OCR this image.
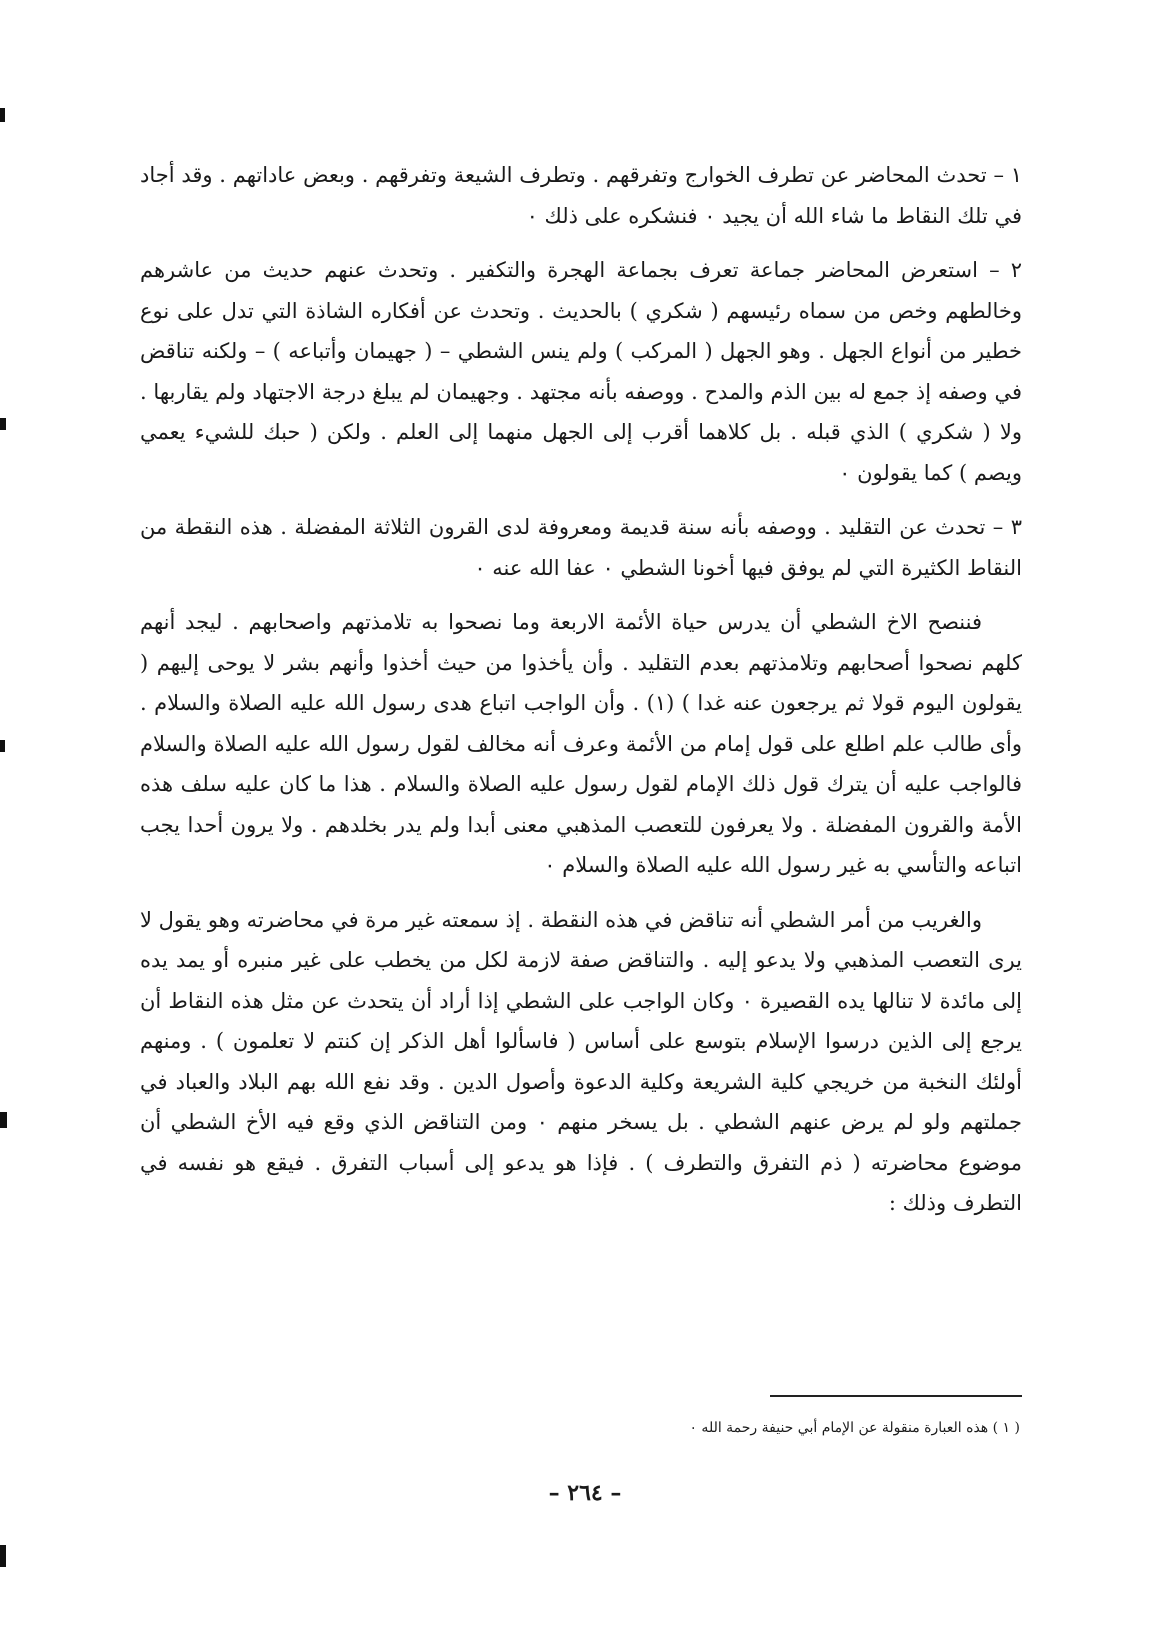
١ – تحدث المحاضر عن تطرف الخوارج وتفرقهم . وتطرف الشيعة وتفرقهم . وبعض عاداتهم . وقد أجاد في تلك النقاط ما شاء الله أن يجيد ٠ فنشكره على ذلك ٠

٢ – استعرض المحاضر جماعة تعرف بجماعة الهجرة والتكفير . وتحدث عنهم حديث من عاشرهم وخالطهم وخص من سماه رئيسهم ( شكري ) بالحديث . وتحدث عن أفكاره الشاذة التي تدل على نوع خطير من أنواع الجهل . وهو الجهل ( المركب ) ولم ينس الشطي – ( جهيمان وأتباعه ) – ولكنه تناقض في وصفه إذ جمع له بين الذم والمدح . ووصفه بأنه مجتهد . وجهيمان لم يبلغ درجة الاجتهاد ولم يقاربها . ولا ( شكري ) الذي قبله . بل كلاهما أقرب إلى الجهل منهما إلى العلم . ولكن ( حبك للشيء يعمي ويصم ) كما يقولون ٠

٣ – تحدث عن التقليد . ووصفه بأنه سنة قديمة ومعروفة لدى القرون الثلاثة المفضلة . هذه النقطة من النقاط الكثيرة التي لم يوفق فيها أخونا الشطي ٠ عفا الله عنه ٠

فننصح الاخ الشطي أن يدرس حياة الأئمة الاربعة وما نصحوا به تلامذتهم واصحابهم . ليجد أنهم كلهم نصحوا أصحابهم وتلامذتهم بعدم التقليد . وأن يأخذوا من حيث أخذوا وأنهم بشر لا يوحى إليهم ( يقولون اليوم قولا ثم يرجعون عنه غدا ) (١) . وأن الواجب اتباع هدى رسول الله عليه الصلاة والسلام . وأى طالب علم اطلع على قول إمام من الأئمة وعرف أنه مخالف لقول رسول الله عليه الصلاة والسلام فالواجب عليه أن يترك قول ذلك الإمام لقول رسول عليه الصلاة والسلام . هذا ما كان عليه سلف هذه الأمة والقرون المفضلة . ولا يعرفون للتعصب المذهبي معنى أبدا ولم يدر بخلدهم . ولا يرون أحدا يجب اتباعه والتأسي به غير رسول الله عليه الصلاة والسلام ٠

والغريب من أمر الشطي أنه تناقض في هذه النقطة . إذ سمعته غير مرة في محاضرته وهو يقول لا يرى التعصب المذهبي ولا يدعو إليه . والتناقض صفة لازمة لكل من يخطب على غير منبره أو يمد يده إلى مائدة لا تنالها يده القصيرة ٠ وكان الواجب على الشطي إذا أراد أن يتحدث عن مثل هذه النقاط أن يرجع إلى الذين درسوا الإسلام بتوسع على أساس ( فاسألوا أهل الذكر إن كنتم لا تعلمون ) . ومنهم أولئك النخبة من خريجي كلية الشريعة وكلية الدعوة وأصول الدين . وقد نفع الله بهم البلاد والعباد في جملتهم ولو لم يرض عنهم الشطي . بل يسخر منهم ٠ ومن التناقض الذي وقع فيه الأخ الشطي أن موضوع محاضرته ( ذم التفرق والتطرف ) . فإذا هو يدعو إلى أسباب التفرق . فيقع هو نفسه في التطرف وذلك :

( ١ ) هذه العبارة منقولة عن الإمام أبي حنيفة رحمة الله ٠
– ٢٦٤ –
